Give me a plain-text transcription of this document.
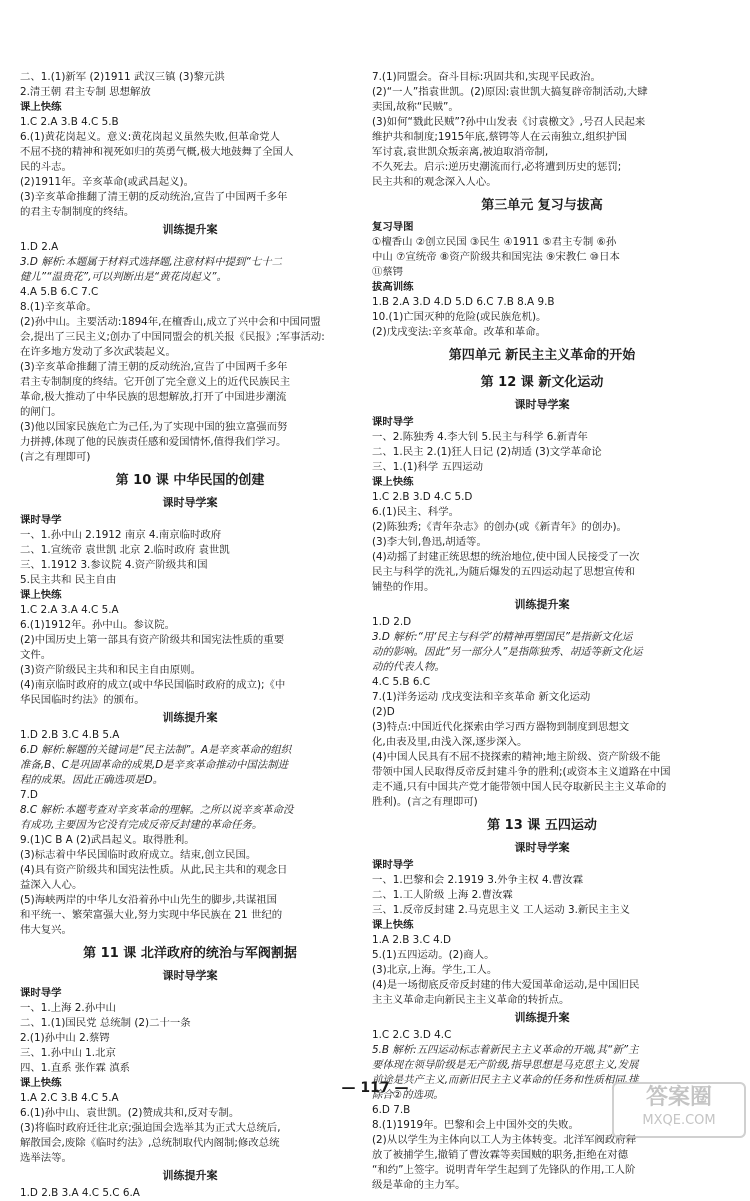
二、1.(1)新军 (2)1911 武汉三镇 (3)黎元洪
2.清王朝 君主专制 思想解放
课上快练
1.C 2.A 3.B 4.C 5.B
6.(1)黄花岗起义。意义:黄花岗起义虽然失败,但革命党人
不屈不挠的精神和视死如归的英勇气概,极大地鼓舞了全国人
民的斗志。
(2)1911年。辛亥革命(或武昌起义)。
(3)辛亥革命推翻了清王朝的反动统治,宣告了中国两千多年
的君主专制制度的终结。
训练提升案
1.D 2.A
3.D 解析:本题属于材料式选择题,注意材料中提到“七十二
健儿”“温贵花”,可以判断出是“黄花岗起义”。
4.A 5.B 6.C 7.C
8.(1)辛亥革命。
(2)孙中山。主要活动:1894年,在檀香山,成立了兴中会和中国同盟
会,提出了三民主义;创办了中国同盟会的机关报《民报》;军事活动:
在许多地方发动了多次武装起义。
(3)辛亥革命推翻了清王朝的反动统治,宣告了中国两千多年
君主专制制度的终结。它开创了完全意义上的近代民族民主
革命,极大推动了中华民族的思想解放,打开了中国进步潮流
的闸门。
(3)他以国家民族危亡为己任,为了实现中国的独立富强而努
力拼搏,体现了他的民族责任感和爱国情怀,值得我们学习。
(言之有理即可)
第 10 课 中华民国的创建
课时导学案
课时导学
一、1.孙中山 2.1912 南京 4.南京临时政府
二、1.宣统帝 袁世凯 北京 2.临时政府 袁世凯
三、1.1912 3.参议院 4.资产阶级共和国
5.民主共和 民主自由
课上快练
1.C 2.A 3.A 4.C 5.A
6.(1)1912年。孙中山。参议院。
(2)中国历史上第一部具有资产阶级共和国宪法性质的重要
文件。
(3)资产阶级民主共和和民主自由原则。
(4)南京临时政府的成立(或中华民国临时政府的成立);《中
华民国临时约法》的颁布。
训练提升案
1.D 2.B 3.C 4.B 5.A
6.D 解析:解题的关键词是“民主法制”。A是辛亥革命的组织
准备,B、C是巩固革命的成果,D是辛亥革命推动中国法制进
程的成果。因此正确选项是D。
7.D
8.C 解析:本题考查对辛亥革命的理解。之所以说辛亥革命没
有成功,主要因为它没有完成反帝反封建的革命任务。
9.(1)C B A (2)武昌起义。取得胜利。
(3)标志着中华民国临时政府成立。结束,创立民国。
(4)具有资产阶级共和国宪法性质。从此,民主共和的观念日
益深入人心。
(5)海峡两岸的中华儿女沿着孙中山先生的脚步,共谋祖国
和平统一、繁荣富强大业,努力实现中华民族在 21 世纪的
伟大复兴。
第 11 课 北洋政府的统治与军阀割据
课时导学案
课时导学
一、1.上海 2.孙中山
二、1.(1)国民党 总统制 (2)二十一条
2.(1)孙中山 2.蔡锷
三、1.孙中山 1.北京
四、1.直系 张作霖 滇系
课上快练
1.A 2.C 3.B 4.C 5.A
6.(1)孙中山、袁世凯。(2)赞成共和,反对专制。
(3)将临时政府迁往北京;强迫国会选举其为正式大总统后,
解散国会,废除《临时约法》,总统制取代内阁制;修改总统
选举法等。
训练提升案
1.D 2.B 3.A 4.C 5.C 6.A
7.(1)同盟会。奋斗目标:巩固共和,实现平民政治。
(2)“一人”指袁世凯。(2)原因:袁世凯大搞复辟帝制活动,大肆
卖国,故称“民贼”。
(3)如何“戮此民贼”?孙中山发表《讨袁檄文》,号召人民起来
维护共和制度;1915年底,蔡锷等人在云南独立,组织护国
军讨袁,袁世凯众叛亲离,被迫取消帝制,
不久死去。启示:逆历史潮流而行,必将遭到历史的惩罚;
民主共和的观念深入人心。
第三单元 复习与拔高
复习导图
①檀香山 ②创立民国 ③民生 ④1911 ⑤君主专制 ⑥孙
中山 ⑦宣统帝 ⑧资产阶级共和国宪法 ⑨宋教仁 ⑩日本
⑪蔡锷
拔高训练
1.B 2.A 3.D 4.D 5.D 6.C 7.B 8.A 9.B
10.(1)亡国灭种的危险(或民族危机)。
(2)戊戌变法:辛亥革命。改革和革命。
第四单元 新民主主义革命的开始
第 12 课 新文化运动
课时导学案
课时导学
一、2.陈独秀 4.李大钊 5.民主与科学 6.新青年
二、1.民主 2.(1)狂人日记 (2)胡适 (3)文学革命论
三、1.(1)科学 五四运动
课上快练
1.C 2.B 3.D 4.C 5.D
6.(1)民主、科学。
(2)陈独秀;《青年杂志》的创办(或《新青年》的创办)。
(3)李大钊,鲁迅,胡适等。
(4)动摇了封建正统思想的统治地位,使中国人民接受了一次
民主与科学的洗礼,为随后爆发的五四运动起了思想宣传和
铺垫的作用。
训练提升案
1.D 2.D
3.D 解析:“用‘民主与科学’的精神再塑国民”是指新文化运
动的影响。因此“另一部分人”是指陈独秀、胡适等新文化运
动的代表人物。
4.C 5.B 6.C
7.(1)洋务运动 戊戌变法和辛亥革命 新文化运动
(2)D
(3)特点:中国近代化探索由学习西方器物到制度到思想文
化,由表及里,由浅入深,逐步深入。
(4)中国人民具有不屈不挠探索的精神;地主阶级、资产阶级不能
带领中国人民取得反帝反封建斗争的胜利;(或资本主义道路在中国
走不通,只有中国共产党才能带领中国人民夺取新民主主义革命的
胜利)。(言之有理即可)
第 13 课 五四运动
课时导学案
课时导学
一、1.巴黎和会 2.1919 3.外争主权 4.曹汝霖
二、1.工人阶级 上海 2.曹汝霖
三、1.反帝反封建 2.马克思主义 工人运动 3.新民主主义
课上快练
1.A 2.B 3.C 4.D
5.(1)五四运动。(2)商人。
(3)北京,上海。学生,工人。
(4)是一场彻底反帝反封建的伟大爱国革命运动,是中国旧民
主主义革命走向新民主主义革命的转折点。
训练提升案
1.C 2.C 3.D 4.C
5.B 解析:五四运动标志着新民主主义革命的开端,其“新”主
要体现在领导阶级是无产阶级,指导思想是马克思主义,发展
前途是共产主义,而新旧民主主义革命的任务和性质相同,排
除合②的选项。
6.D 7.B
8.(1)1919年。巴黎和会上中国外交的失败。
(2)从以学生为主体向以工人为主体转变。北洋军阀政府释
放了被捕学生,撤销了曹汝霖等卖国贼的职务,拒绝在对德
“和约”上签字。说明青年学生起到了先锋队的作用,工人阶
级是革命的主力军。
— 117 —	答案圈
MXQE.COM
